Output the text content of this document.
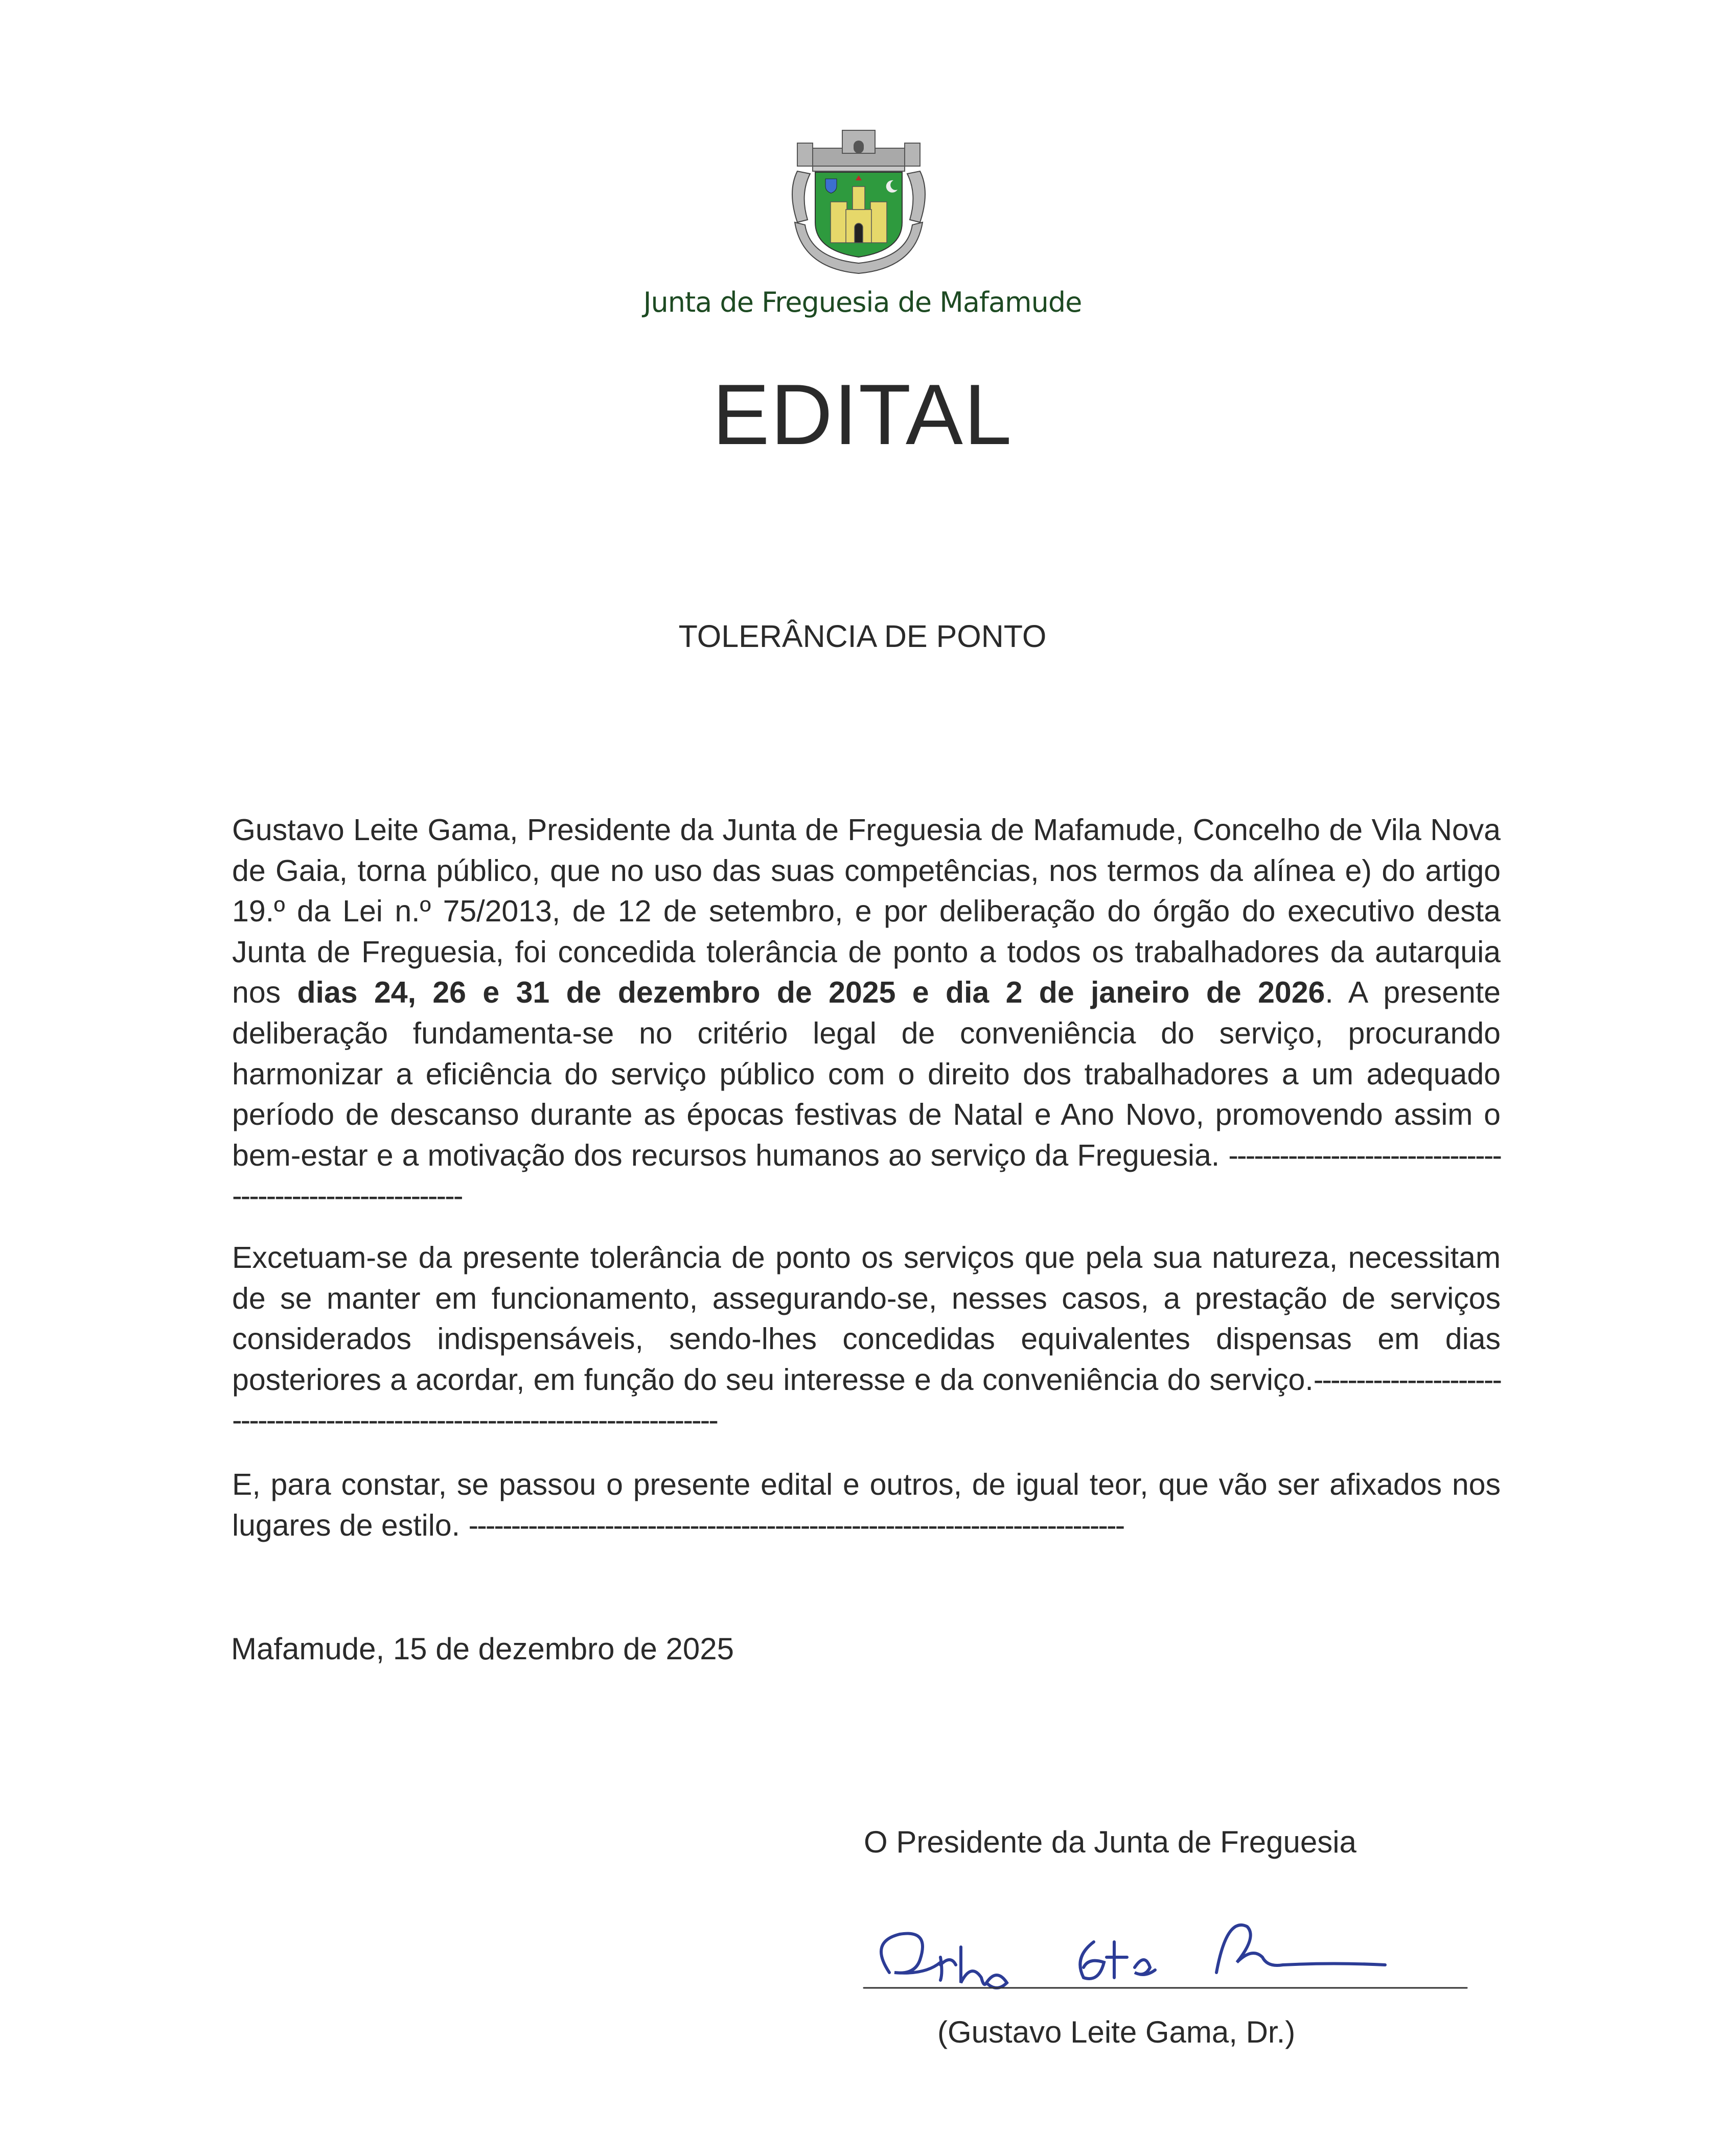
Junta de Freguesia de Mafamude
EDITAL
TOLERÂNCIA DE PONTO
Gustavo Leite Gama, Presidente da Junta de Freguesia de Mafamude, Concelho de Vila Nova de Gaia, torna público, que no uso das suas competências, nos termos da alínea e) do artigo 19.º da Lei n.º 75/2013, de 12 de setembro, e por deliberação do órgão do executivo desta Junta de Freguesia, foi concedida tolerância de ponto a todos os trabalhadores da autarquia nos dias 24, 26 e 31 de dezembro de 2025 e dia 2 de janeiro de 2026. A presente deliberação fundamenta-se no critério legal de conveniência do serviço, procurando harmonizar a eficiência do serviço público com o direito dos trabalhadores a um adequado período de descanso durante as épocas festivas de Natal e Ano Novo, promovendo assim o bem-estar e a motivação dos recursos humanos ao serviço da Freguesia. -----------------------------------------------------------
Excetuam-se da presente tolerância de ponto os serviços que pela sua natureza, necessitam de se manter em funcionamento, assegurando-se, nesses casos, a prestação de serviços considerados indispensáveis, sendo-lhes concedidas equivalentes dispensas em dias posteriores a acordar, em função do seu interesse e da conveniência do serviço.-------------------------------------------------------------------------------
E, para constar, se passou o presente edital e outros, de igual teor, que vão ser afixados nos lugares de estilo. -----------------------------------------------------------------------------
Mafamude, 15 de dezembro de 2025
O Presidente da Junta de Freguesia
(Gustavo Leite Gama, Dr.)
